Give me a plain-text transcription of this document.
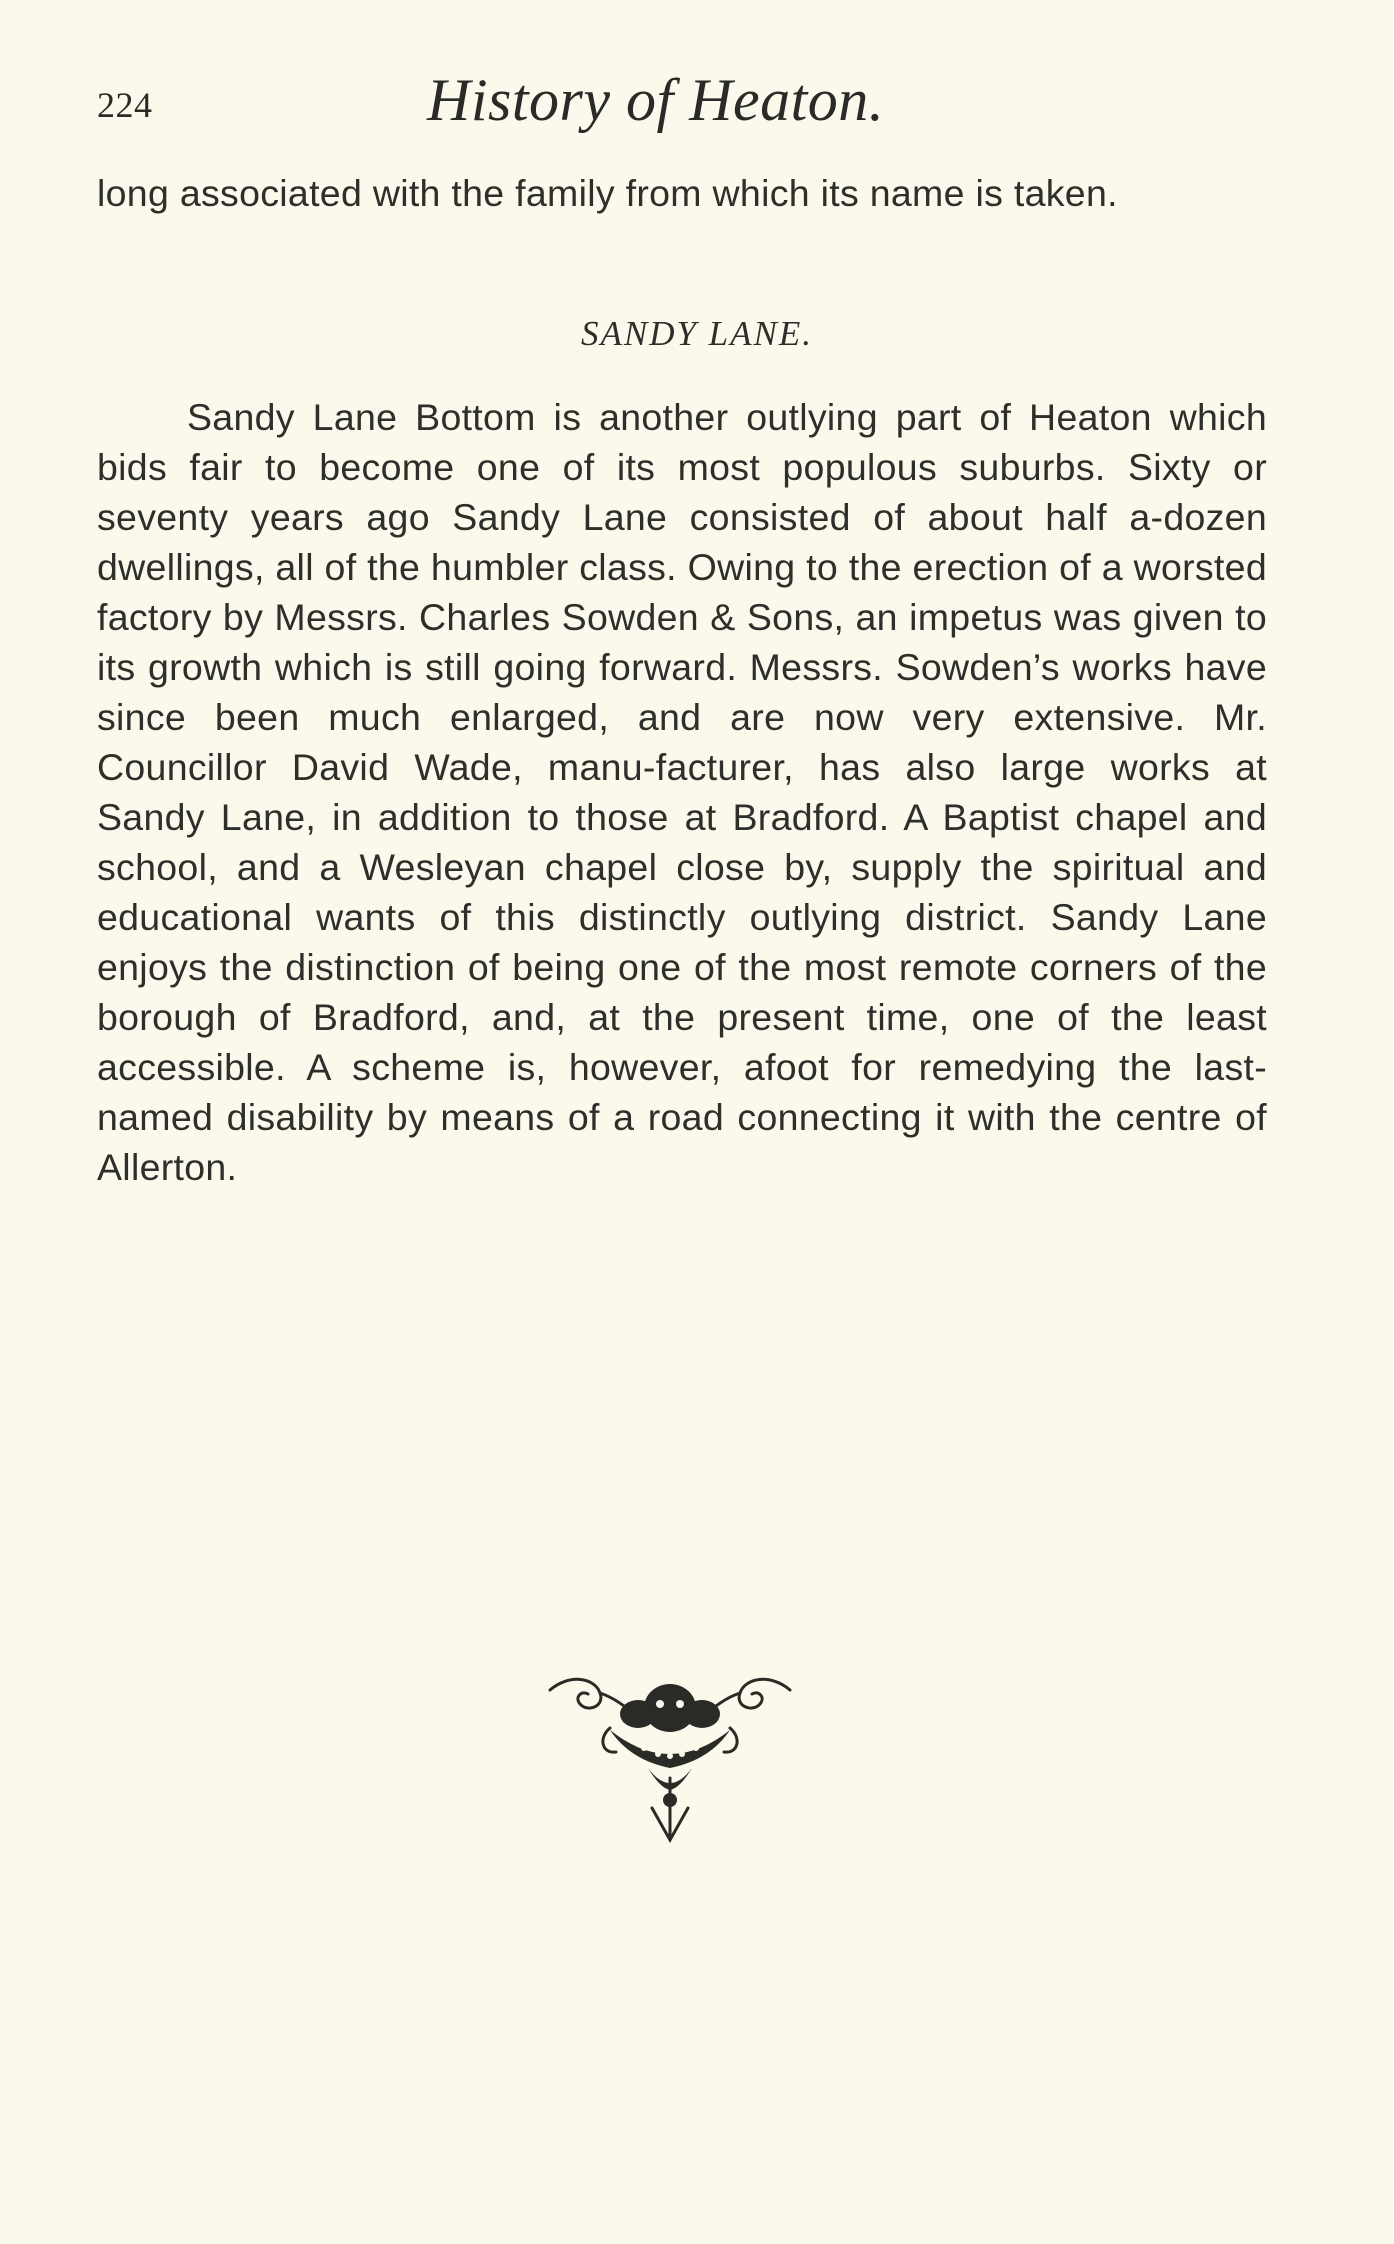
224	History of Heaton.

long associated with the family from which its name is taken.

SANDY LANE.

Sandy Lane Bottom is another outlying part of Heaton which bids fair to become one of its most populous suburbs. Sixty or seventy years ago Sandy Lane consisted of about half a-dozen dwellings, all of the humbler class. Owing to the erection of a worsted factory by Messrs. Charles Sowden & Sons, an impetus was given to its growth which is still going forward. Messrs. Sowden’s works have since been much enlarged, and are now very extensive. Mr. Councillor David Wade, manu-facturer, has also large works at Sandy Lane, in addition to those at Bradford. A Baptist chapel and school, and a Wesleyan chapel close by, supply the spiritual and educational wants of this distinctly outlying district. Sandy Lane enjoys the distinction of being one of the most remote corners of the borough of Bradford, and, at the present time, one of the least accessible. A scheme is, however, afoot for remedying the last-named disability by means of a road connecting it with the centre of Allerton.
